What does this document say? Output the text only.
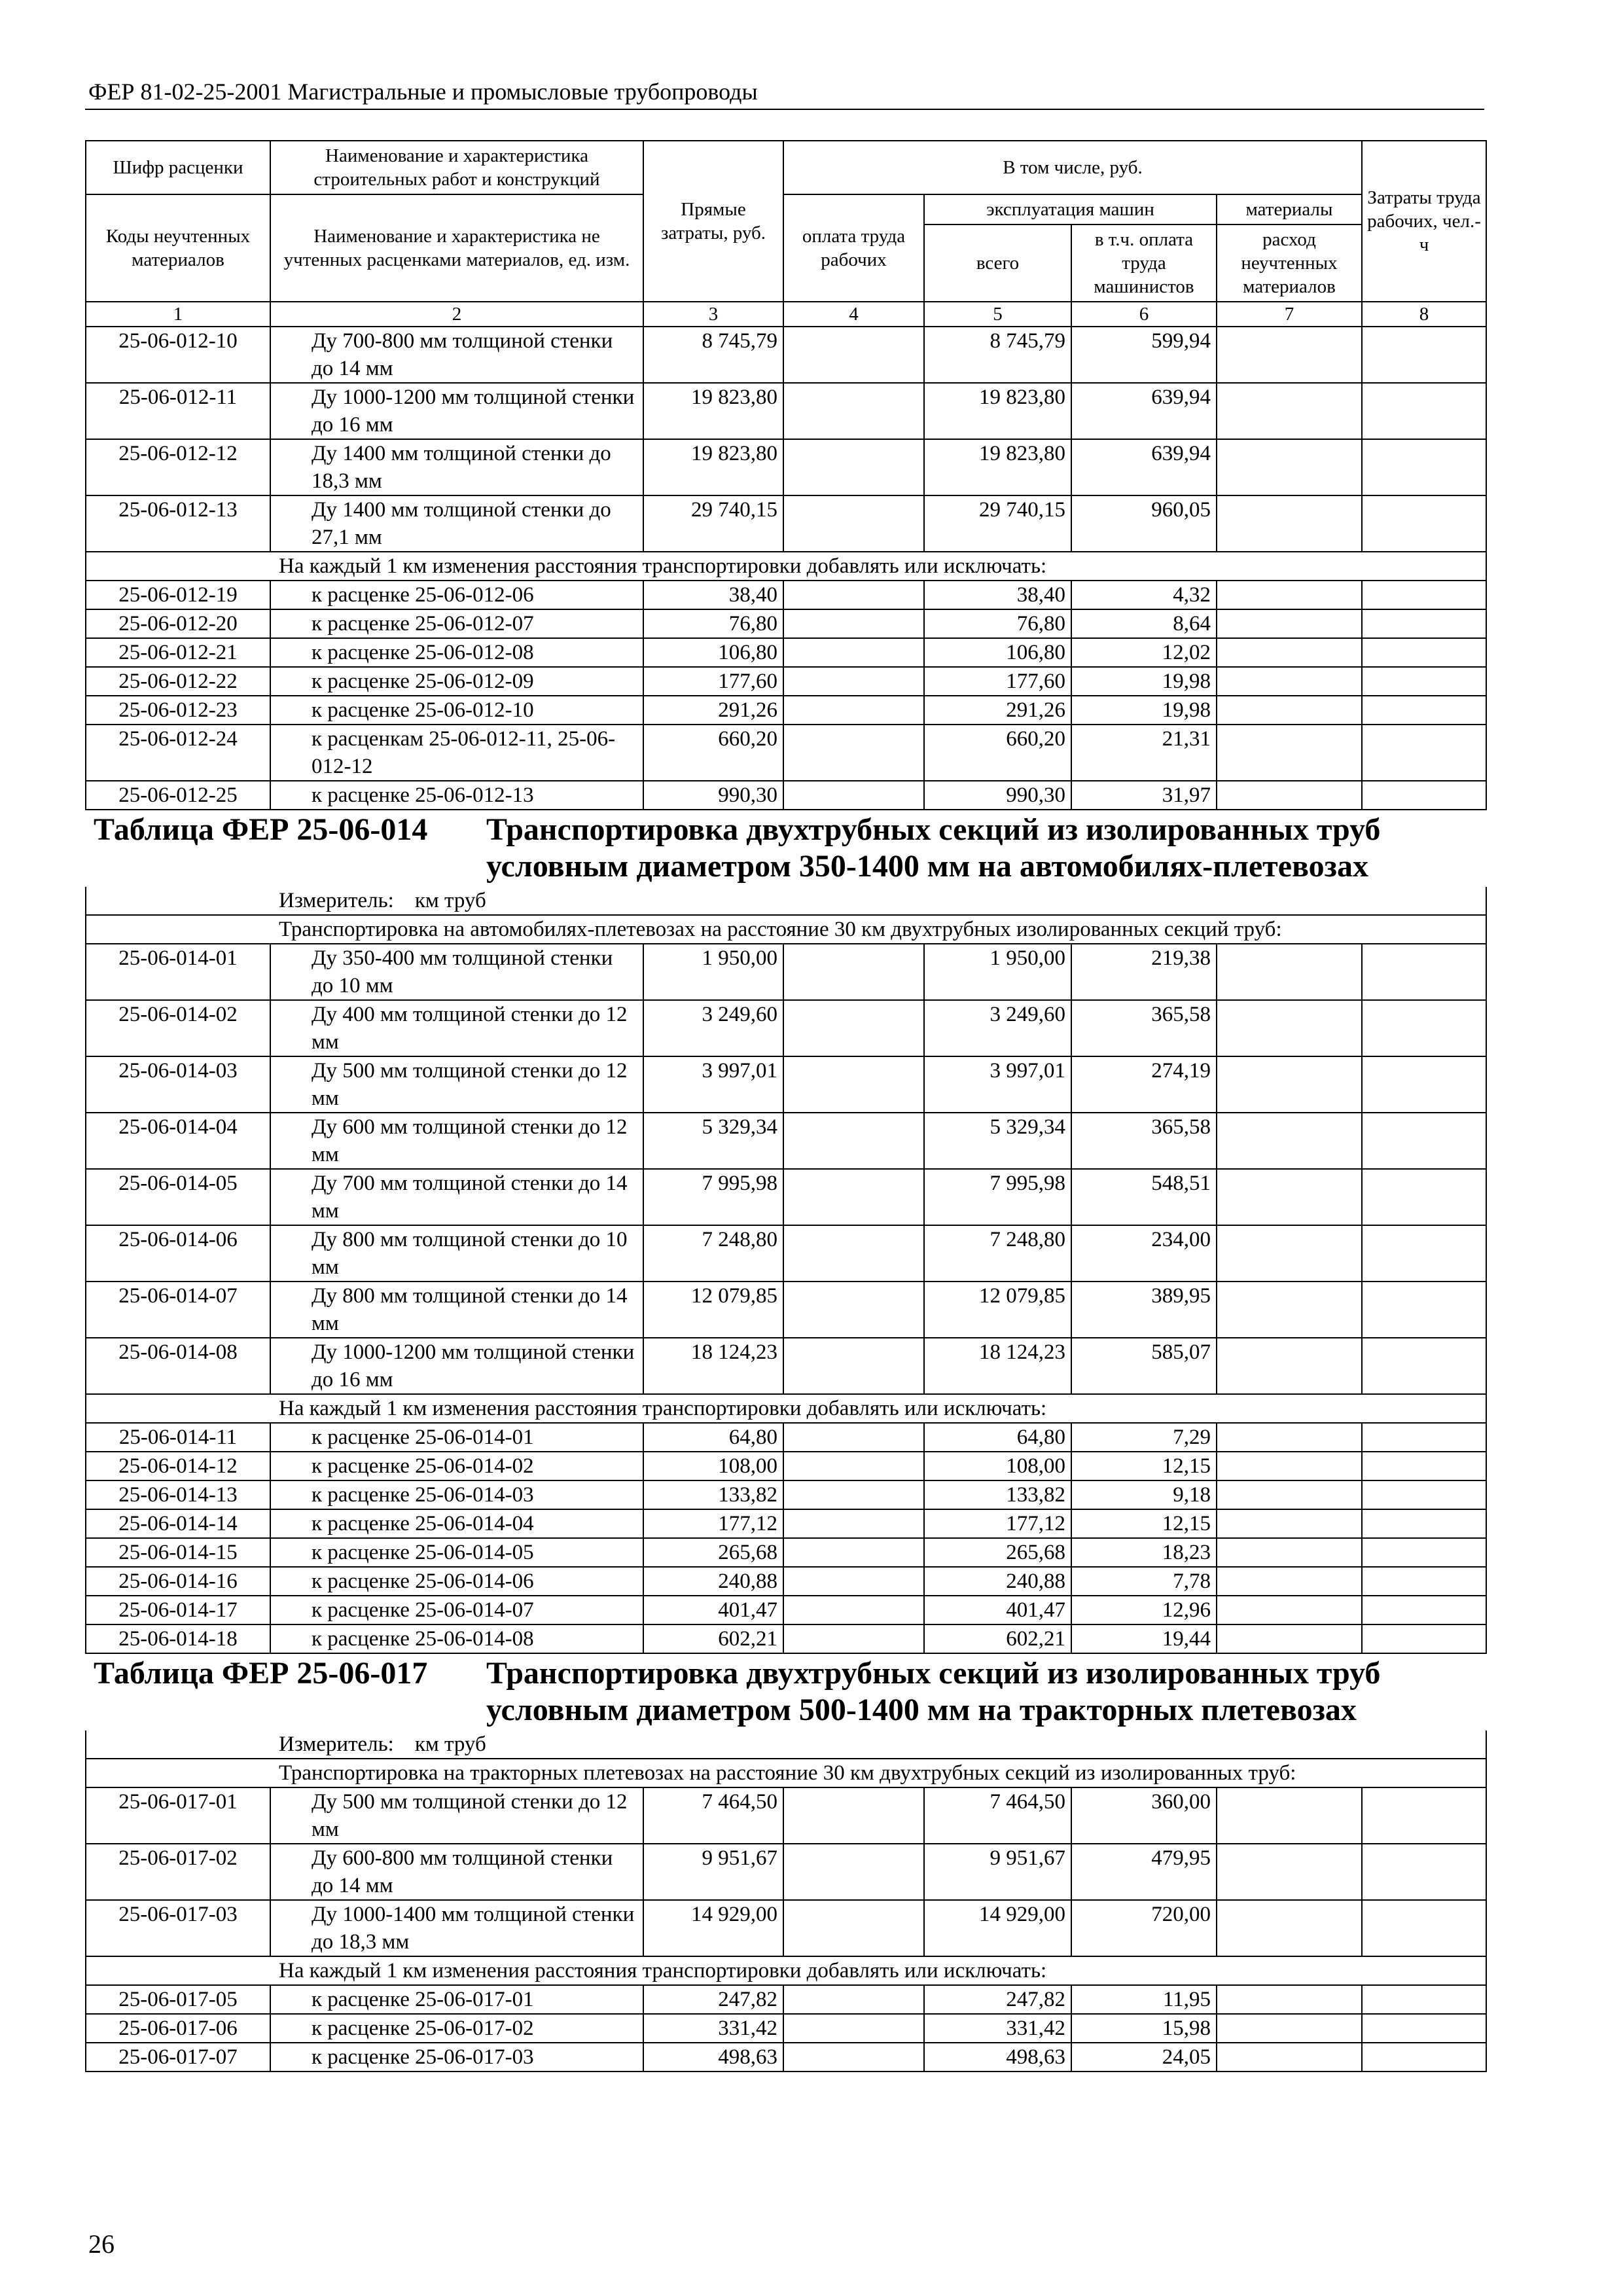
ФЕР 81-02-25-2001 Магистральные и промысловые трубопроводы
Шифр расценки	Наименование и характеристика строительных работ и конструкций	Прямые затраты, руб.	В том числе, руб.				Затраты труда рабочих, чел.-ч
Коды неучтенных материалов	Наименование и характеристика не учтенных расценками материалов, ед. изм.		оплата труда рабочих	эксплуатация машин		материалы	
				всего	в т.ч. оплата труда машинистов	расход неучтенных материалов	
1	2	3	4	5	6	7	8
25-06-012-10	Ду 700-800 мм толщиной стенки до 14 мм	8 745,79		8 745,79	599,94		
25-06-012-11	Ду 1000-1200 мм толщиной стенки до 16 мм	19 823,80		19 823,80	639,94		
25-06-012-12	Ду 1400 мм толщиной стенки до 18,3 мм	19 823,80		19 823,80	639,94		
25-06-012-13	Ду 1400 мм толщиной стенки до 27,1 мм	29 740,15		29 740,15	960,05		
На каждый 1 км изменения расстояния транспортировки добавлять или исключать:							
25-06-012-19	к расценке 25-06-012-06	38,40		38,40	4,32		
25-06-012-20	к расценке 25-06-012-07	76,80		76,80	8,64		
25-06-012-21	к расценке 25-06-012-08	106,80		106,80	12,02		
25-06-012-22	к расценке 25-06-012-09	177,60		177,60	19,98		
25-06-012-23	к расценке 25-06-012-10	291,26		291,26	19,98		
25-06-012-24	к расценкам 25-06-012-11, 25-06-012-12	660,20		660,20	21,31		
25-06-012-25	к расценке 25-06-012-13	990,30		990,30	31,97		
Таблица ФЕР 25-06-014 Транспортировка двухтрубных секций из изолированных труб условным диаметром 350-1400 мм на автомобилях-плетевозах							
Измеритель: км труб							
Транспортировка на автомобилях-плетевозах на расстояние 30 км двухтрубных изолированных секций труб:							
25-06-014-01	Ду 350-400 мм толщиной стенки до 10 мм	1 950,00		1 950,00	219,38		
25-06-014-02	Ду 400 мм толщиной стенки до 12 мм	3 249,60		3 249,60	365,58		
25-06-014-03	Ду 500 мм толщиной стенки до 12 мм	3 997,01		3 997,01	274,19		
25-06-014-04	Ду 600 мм толщиной стенки до 12 мм	5 329,34		5 329,34	365,58		
25-06-014-05	Ду 700 мм толщиной стенки до 14 мм	7 995,98		7 995,98	548,51		
25-06-014-06	Ду 800 мм толщиной стенки до 10 мм	7 248,80		7 248,80	234,00		
25-06-014-07	Ду 800 мм толщиной стенки до 14 мм	12 079,85		12 079,85	389,95		
25-06-014-08	Ду 1000-1200 мм толщиной стенки до 16 мм	18 124,23		18 124,23	585,07		
На каждый 1 км изменения расстояния транспортировки добавлять или исключать:							
25-06-014-11	к расценке 25-06-014-01	64,80		64,80	7,29		
25-06-014-12	к расценке 25-06-014-02	108,00		108,00	12,15		
25-06-014-13	к расценке 25-06-014-03	133,82		133,82	9,18		
25-06-014-14	к расценке 25-06-014-04	177,12		177,12	12,15		
25-06-014-15	к расценке 25-06-014-05	265,68		265,68	18,23		
25-06-014-16	к расценке 25-06-014-06	240,88		240,88	7,78		
25-06-014-17	к расценке 25-06-014-07	401,47		401,47	12,96		
25-06-014-18	к расценке 25-06-014-08	602,21		602,21	19,44		
Таблица ФЕР 25-06-017 Транспортировка двухтрубных секций из изолированных труб условным диаметром 500-1400 мм на тракторных плетевозах							
Измеритель: км труб							
Транспортировка на тракторных плетевозах на расстояние 30 км двухтрубных секций из изолированных труб:							
25-06-017-01	Ду 500 мм толщиной стенки до 12 мм	7 464,50		7 464,50	360,00		
25-06-017-02	Ду 600-800 мм толщиной стенки до 14 мм	9 951,67		9 951,67	479,95		
25-06-017-03	Ду 1000-1400 мм толщиной стенки до 18,3 мм	14 929,00		14 929,00	720,00		
На каждый 1 км изменения расстояния транспортировки добавлять или исключать:							
25-06-017-05	к расценке 25-06-017-01	247,82		247,82	11,95		
25-06-017-06	к расценке 25-06-017-02	331,42		331,42	15,98		
25-06-017-07	к расценке 25-06-017-03	498,63		498,63	24,05		
26
